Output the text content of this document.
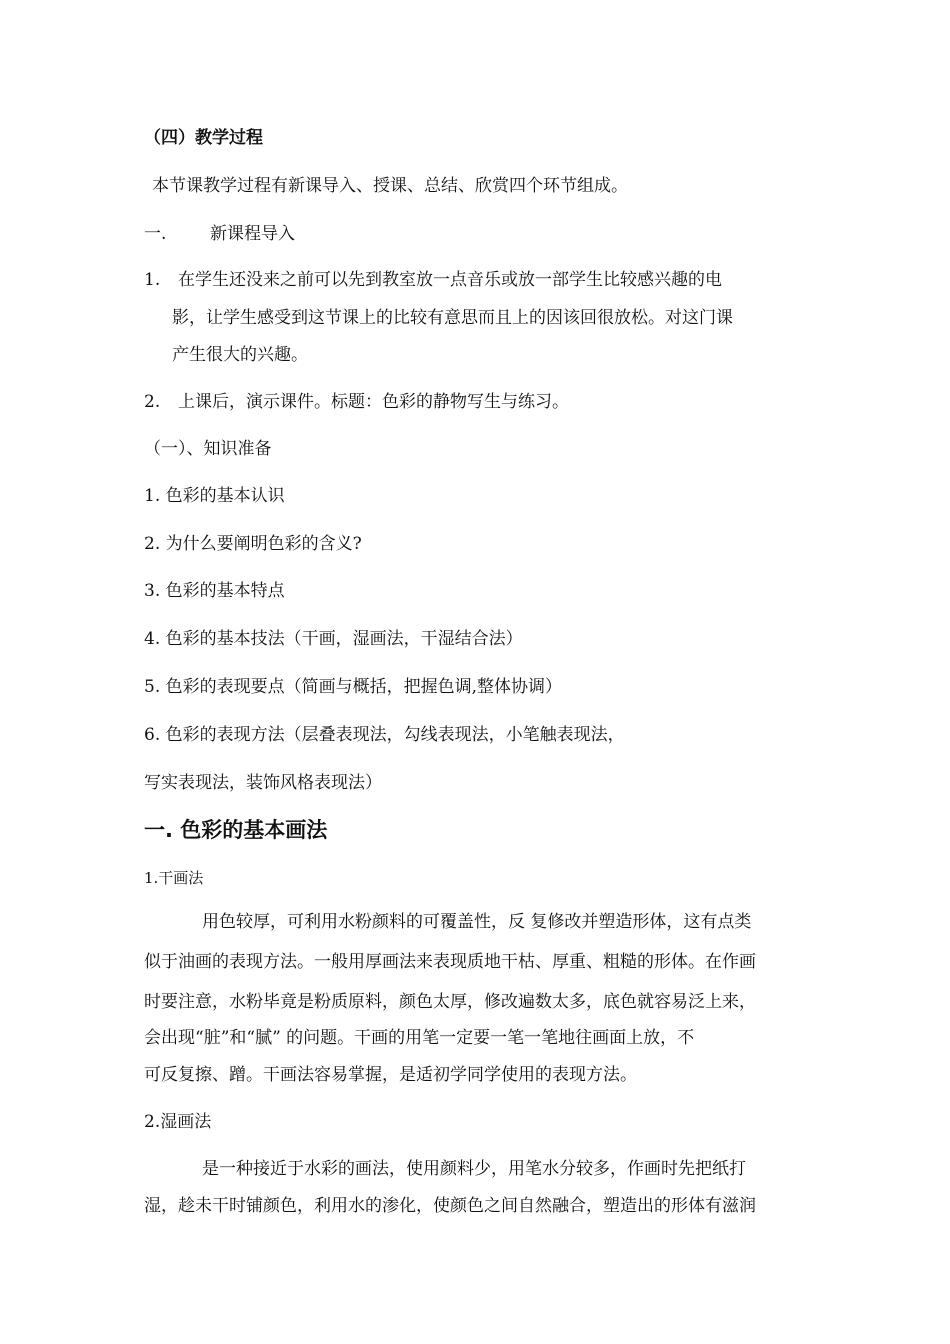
（四）教学过程

本节课教学过程有新课导入、授课、总结、欣赏四个环节组成。

一.	新课程导入

1. 在学生还没来之前可以先到教室放一点音乐或放一部学生比较感兴趣的电

影，让学生感受到这节课上的比较有意思而且上的因该回很放松。对这门课

产生很大的兴趣。

2. 上课后，演示课件。标题：色彩的静物写生与练习。

（一）、知识准备

1. 色彩的基本认识

2. 为什么要阐明色彩的含义?

3. 色彩的基本特点

4. 色彩的基本技法（干画，湿画法，干湿结合法）

5. 色彩的表现要点（简画与概括，把握色调,整体协调）

6. 色彩的表现方法（层叠表现法，勾线表现法，小笔触表现法，

写实表现法，装饰风格表现法）

一. 色彩的基本画法

1.干画法

用色较厚，可利用水粉颜料的可覆盖性，反 复修改并塑造形体，这有点类

似于油画的表现方法。一般用厚画法来表现质地干枯、厚重、粗糙的形体。在作画

时要注意，水粉毕竟是粉质原料，颜色太厚，修改遍数太多，底色就容易泛上来，

会出现“脏”和“腻” 的问题。干画的用笔一定要一笔一笔地往画面上放，不

可反复擦、蹭。干画法容易掌握，是适初学同学使用的表现方法。

2.湿画法

是一种接近于水彩的画法，使用颜料少，用笔水分较多，作画时先把纸打

湿，趁未干时铺颜色，利用水的渗化，使颜色之间自然融合，塑造出的形体有滋润
